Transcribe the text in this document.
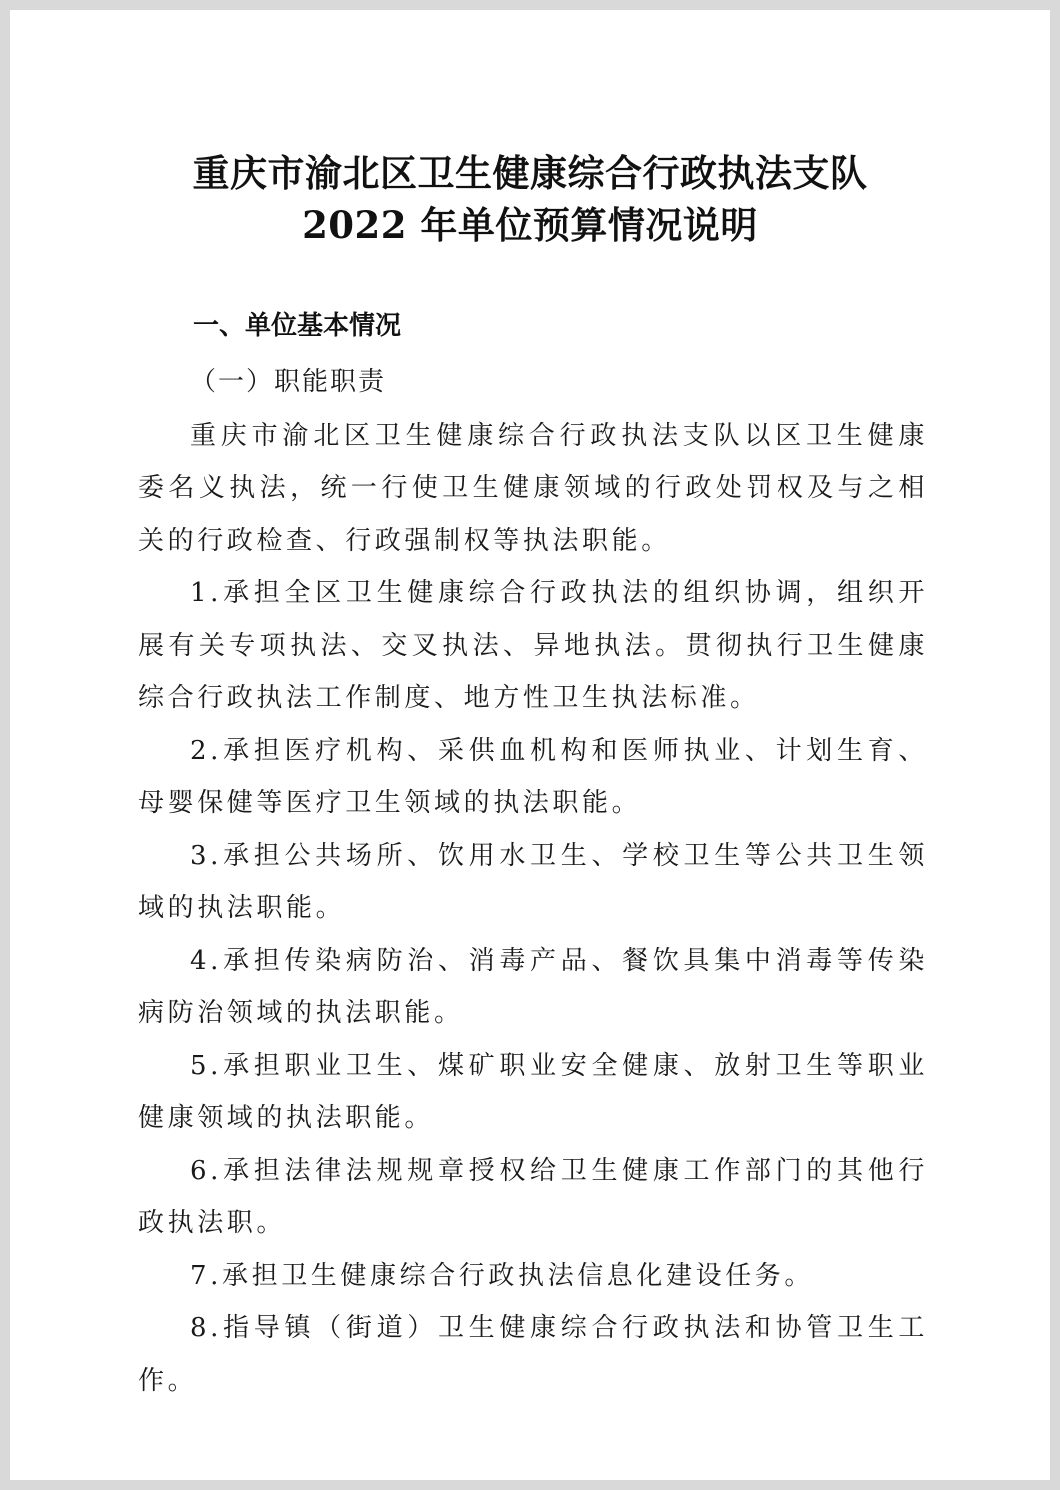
重庆市渝北区卫生健康综合行政执法支队
2022 年单位预算情况说明
一、单位基本情况

（一）职能职责

重庆市渝北区卫生健康综合行政执法支队以区卫生健康委名义执法，统一行使卫生健康领域的行政处罚权及与之相关的行政检查、行政强制权等执法职能。

1.承担全区卫生健康综合行政执法的组织协调，组织开展有关专项执法、交叉执法、异地执法。贯彻执行卫生健康综合行政执法工作制度、地方性卫生执法标准。

2.承担医疗机构、采供血机构和医师执业、计划生育、母婴保健等医疗卫生领域的执法职能。

3.承担公共场所、饮用水卫生、学校卫生等公共卫生领域的执法职能。

4.承担传染病防治、消毒产品、餐饮具集中消毒等传染病防治领域的执法职能。

5.承担职业卫生、煤矿职业安全健康、放射卫生等职业健康领域的执法职能。

6.承担法律法规规章授权给卫生健康工作部门的其他行政执法职。

7.承担卫生健康综合行政执法信息化建设任务。

8.指导镇（街道）卫生健康综合行政执法和协管卫生工作。
